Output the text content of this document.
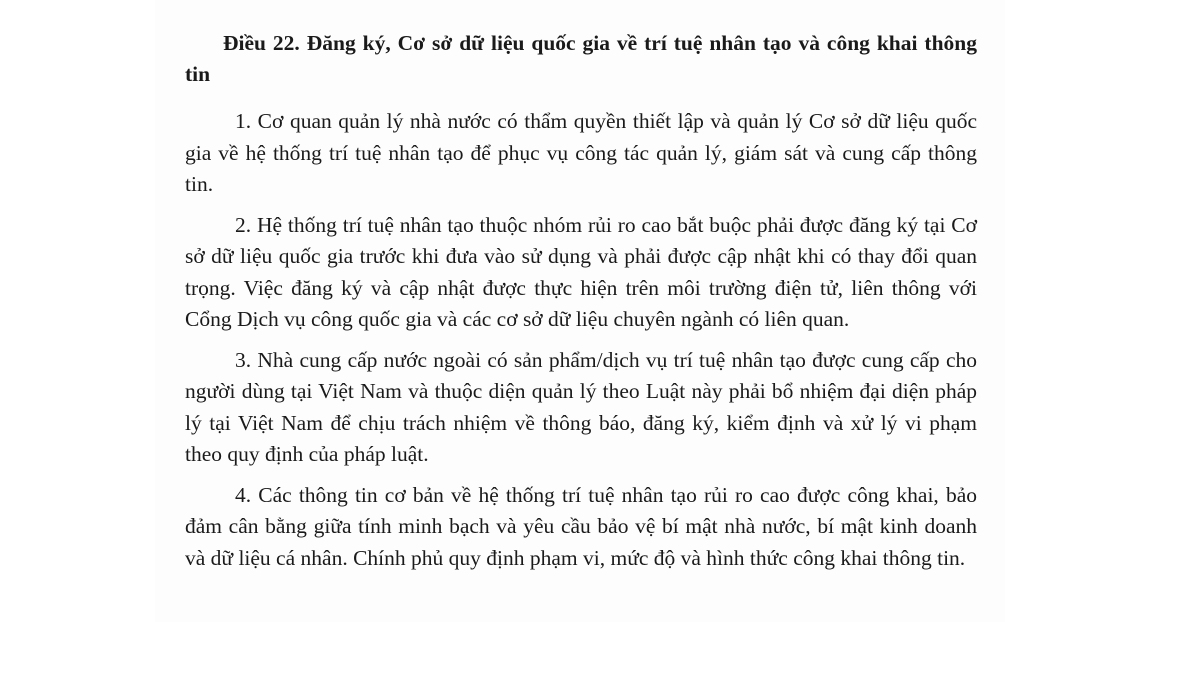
Điều 22. Đăng ký, Cơ sở dữ liệu quốc gia về trí tuệ nhân tạo và công khai thông tin

1. Cơ quan quản lý nhà nước có thẩm quyền thiết lập và quản lý Cơ sở dữ liệu quốc gia về hệ thống trí tuệ nhân tạo để phục vụ công tác quản lý, giám sát và cung cấp thông tin.

2. Hệ thống trí tuệ nhân tạo thuộc nhóm rủi ro cao bắt buộc phải được đăng ký tại Cơ sở dữ liệu quốc gia trước khi đưa vào sử dụng và phải được cập nhật khi có thay đổi quan trọng. Việc đăng ký và cập nhật được thực hiện trên môi trường điện tử, liên thông với Cổng Dịch vụ công quốc gia và các cơ sở dữ liệu chuyên ngành có liên quan.

3. Nhà cung cấp nước ngoài có sản phẩm/dịch vụ trí tuệ nhân tạo được cung cấp cho người dùng tại Việt Nam và thuộc diện quản lý theo Luật này phải bổ nhiệm đại diện pháp lý tại Việt Nam để chịu trách nhiệm về thông báo, đăng ký, kiểm định và xử lý vi phạm theo quy định của pháp luật.

4. Các thông tin cơ bản về hệ thống trí tuệ nhân tạo rủi ro cao được công khai, bảo đảm cân bằng giữa tính minh bạch và yêu cầu bảo vệ bí mật nhà nước, bí mật kinh doanh và dữ liệu cá nhân. Chính phủ quy định phạm vi, mức độ và hình thức công khai thông tin.
